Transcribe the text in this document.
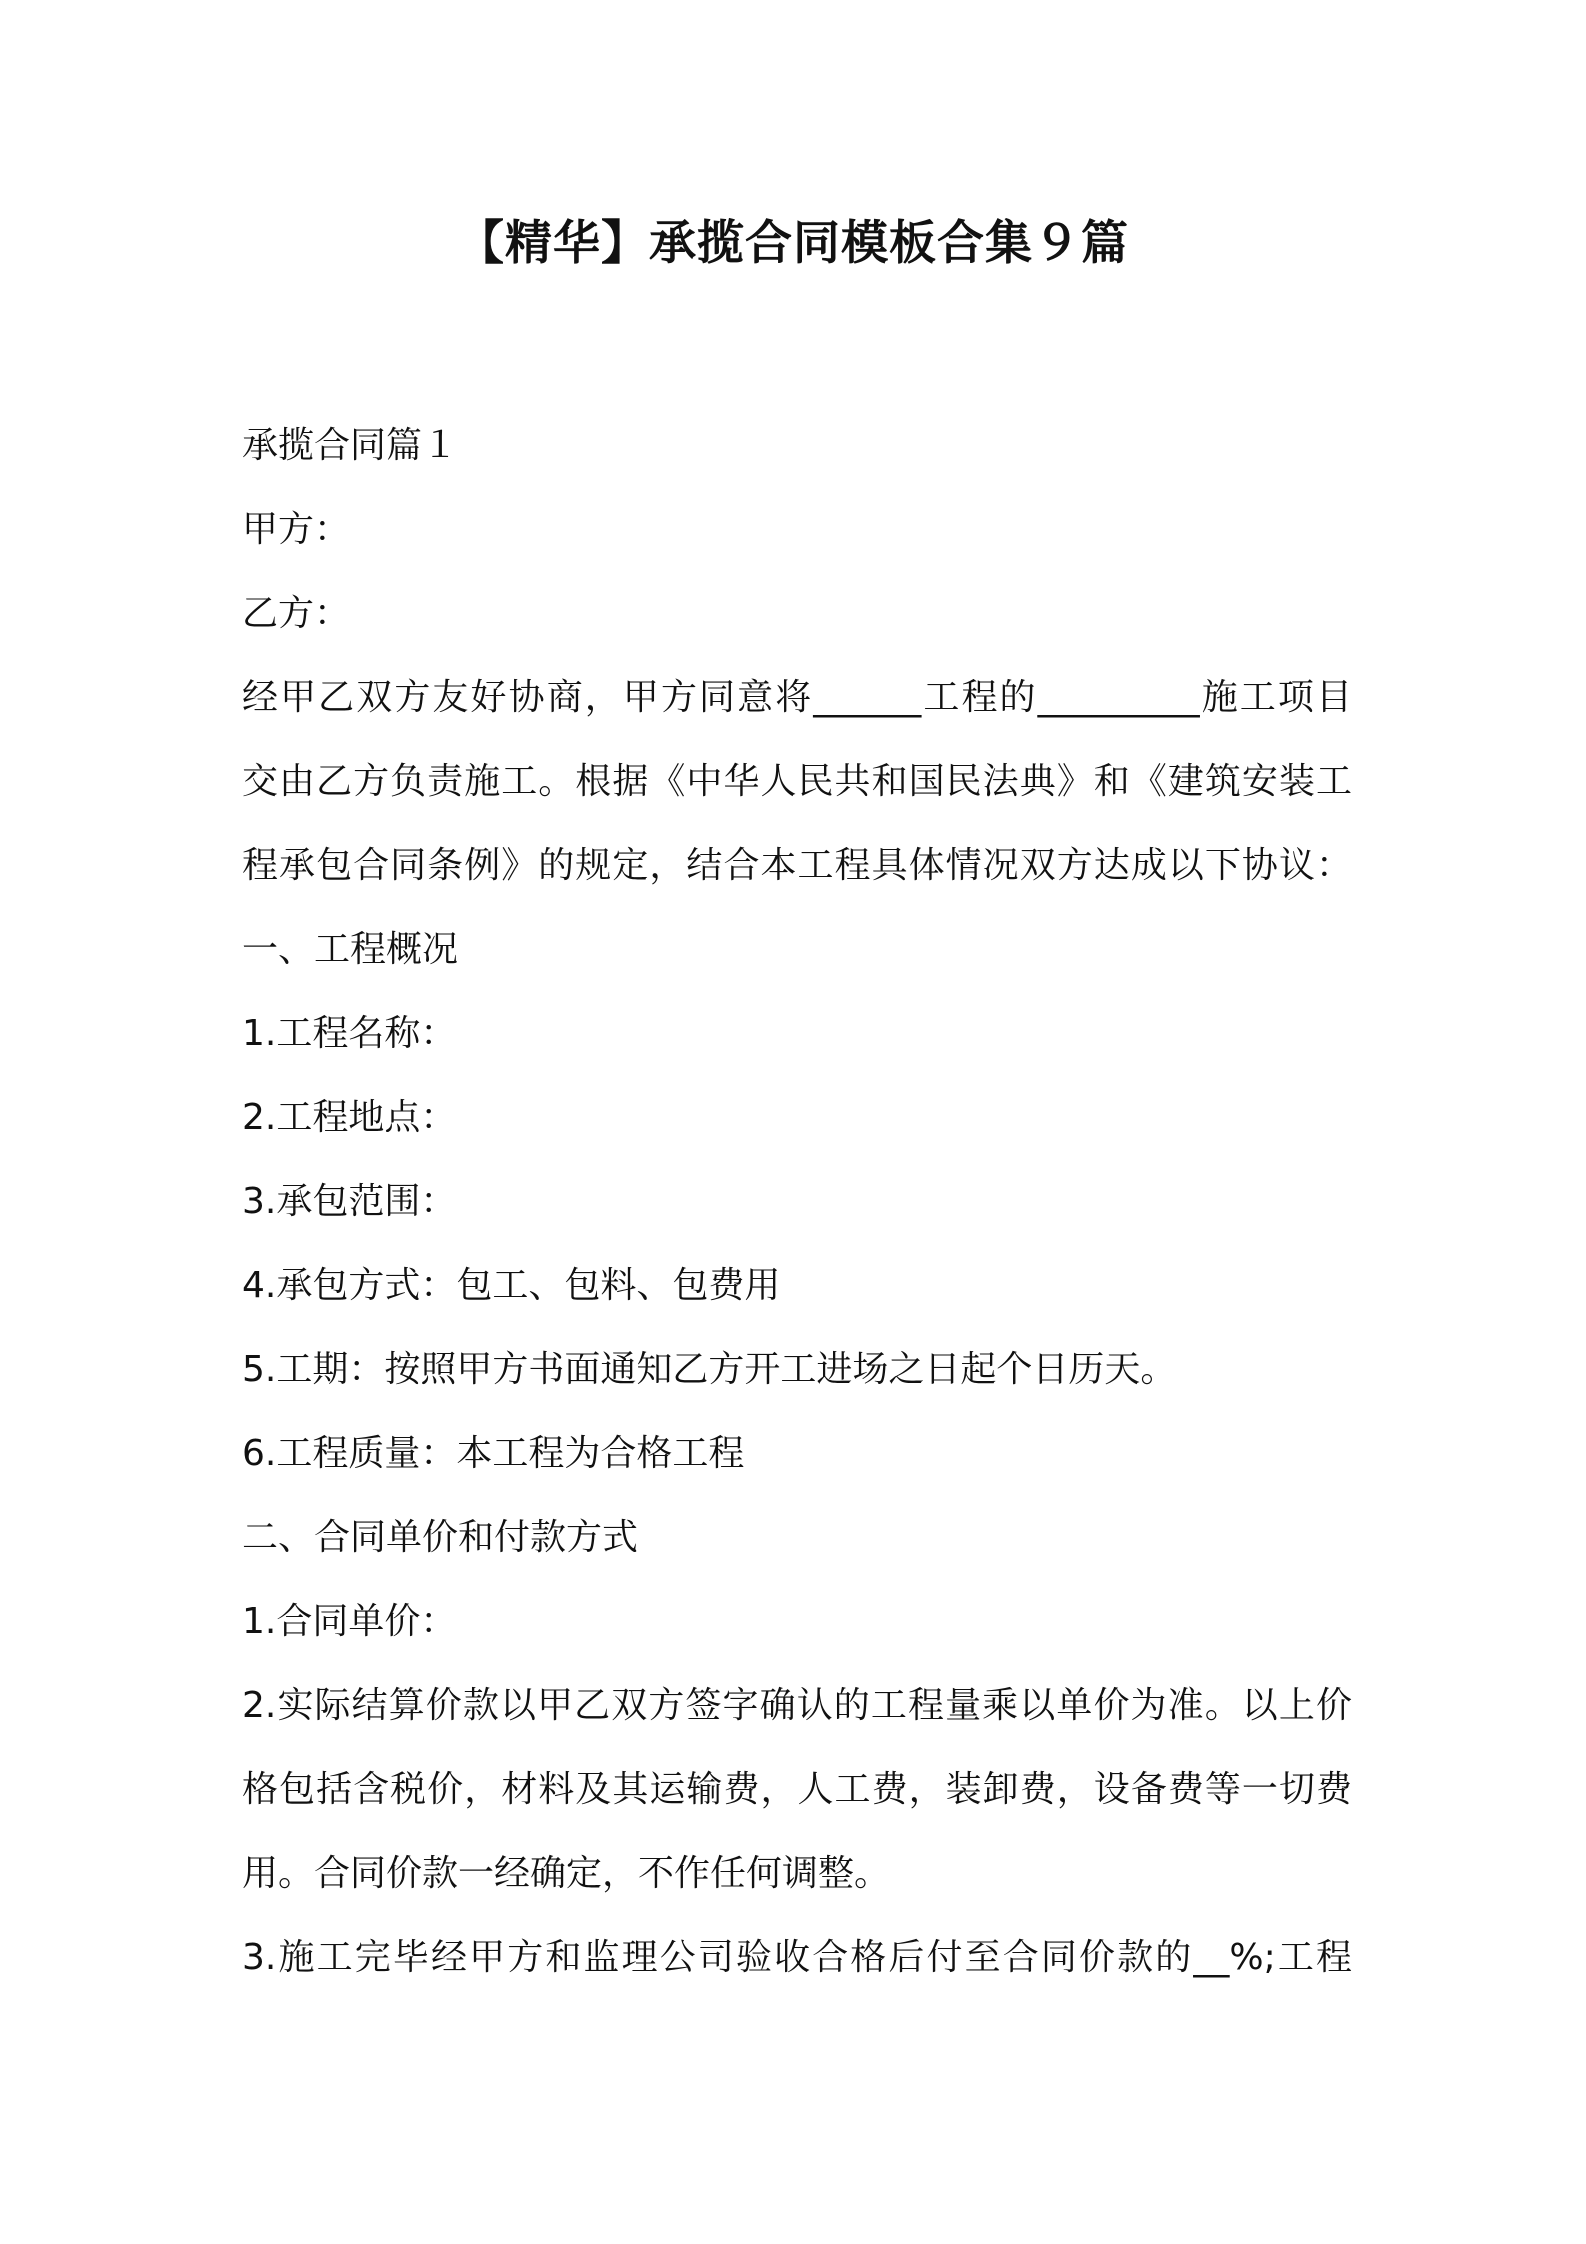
【精华】承揽合同模板合集９篇
承揽合同篇１
甲方：
乙方：
经甲乙双方友好协商，甲方同意将______工程的_________施工项目
交由乙方负责施工。根据《中华人民共和国民法典》和《建筑安装工
程承包合同条例》的规定，结合本工程具体情况双方达成以下协议：
一、工程概况
1.工程名称：
2.工程地点：
3.承包范围：
4.承包方式：包工、包料、包费用
5.工期：按照甲方书面通知乙方开工进场之日起个日历天。
6.工程质量：本工程为合格工程
二、合同单价和付款方式
1.合同单价：
2.实际结算价款以甲乙双方签字确认的工程量乘以单价为准。以上价
格包括含税价，材料及其运输费，人工费，装卸费，设备费等一切费
用。合同价款一经确定，不作任何调整。
3.施工完毕经甲方和监理公司验收合格后付至合同价款的__%;工程
